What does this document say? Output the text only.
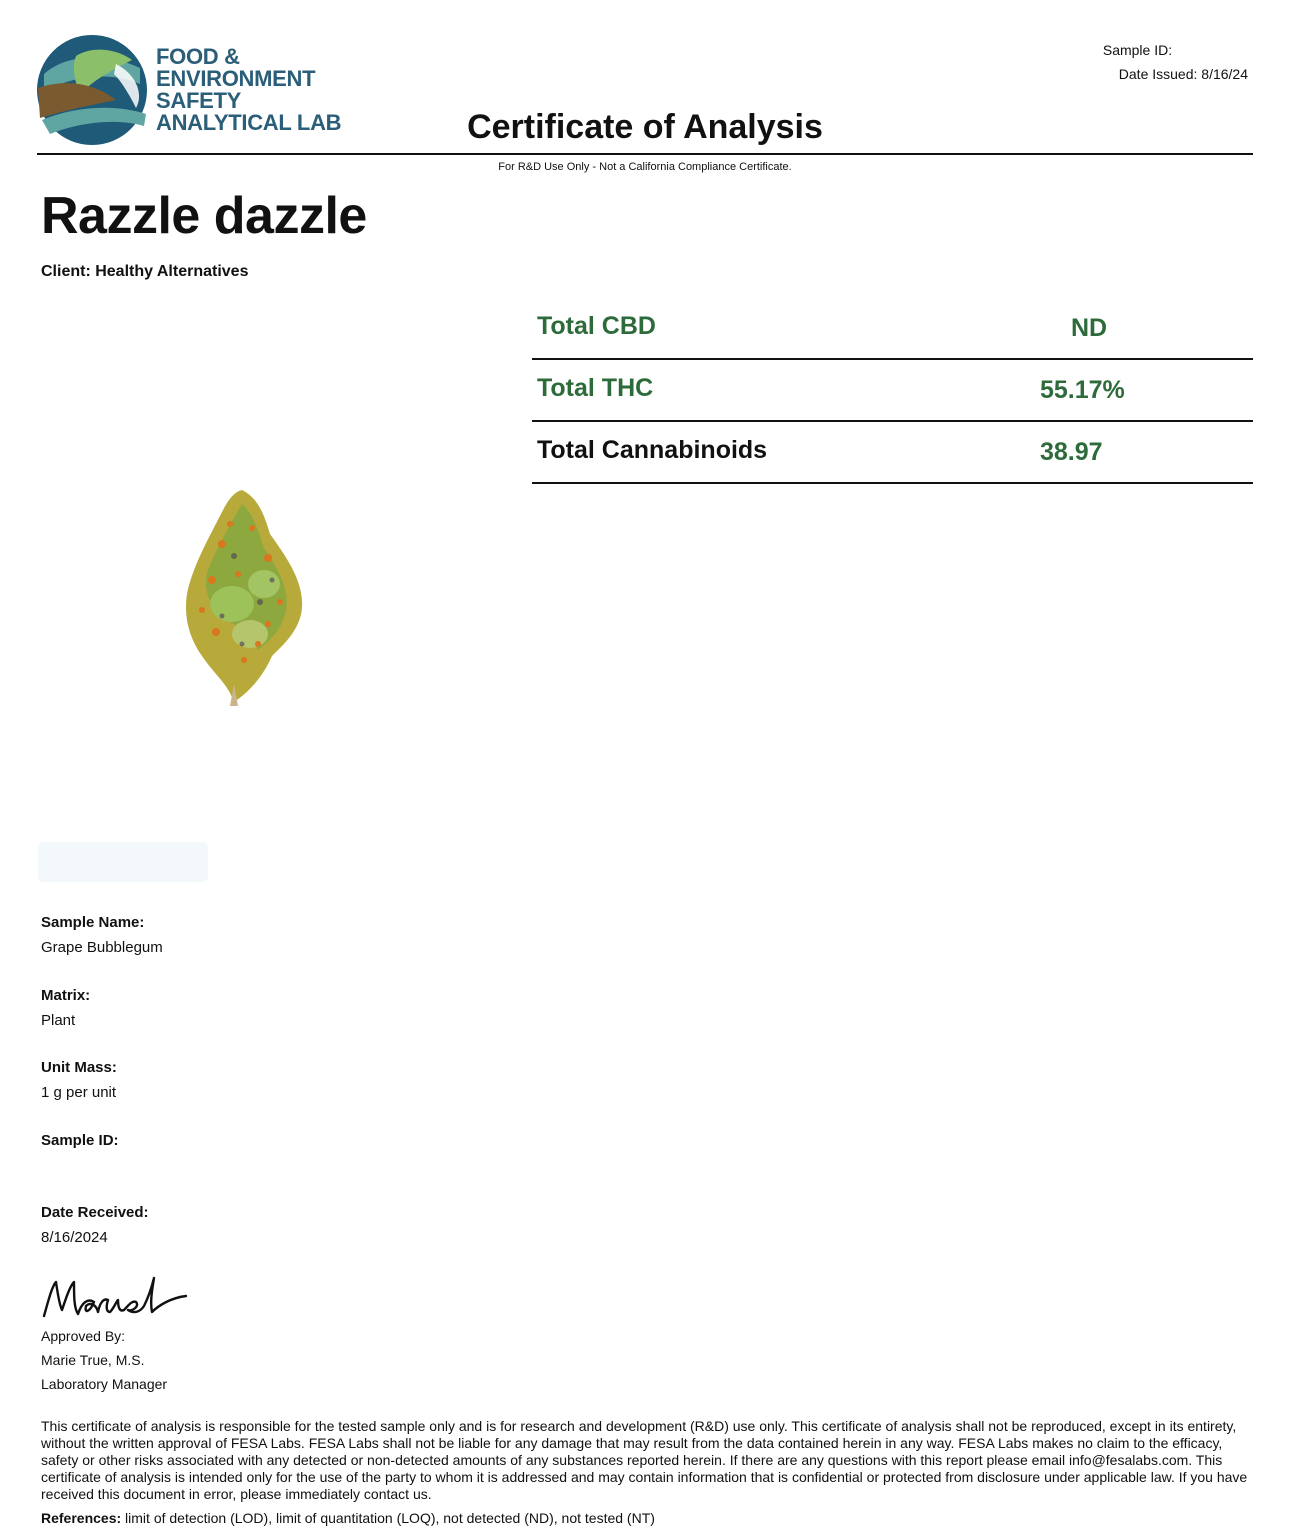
FOOD &
ENVIRONMENT
SAFETY
ANALYTICAL LAB	Certificate of Analysis
Sample ID:
Date Issued: 8/16/24
For R&D Use Only - Not a California Compliance Certificate.
Razzle dazzle
Client: Healthy Alternatives
Total CBD	ND
Total THC	55.17%
Total Cannabinoids	38.97
Sample Name:
Grape Bubblegum
Matrix:
Plant
Unit Mass:
1 g per unit
Sample ID:
Date Received:
8/16/2024
Approved By:
Marie True, M.S.
Laboratory Manager
This certificate of analysis is responsible for the tested sample only and is for research and development (R&D) use only. This certificate of analysis shall not be reproduced, except in its entirety, without the written approval of FESA Labs. FESA Labs shall not be liable for any damage that may result from the data contained herein in any way. FESA Labs makes no claim to the efficacy, safety or other risks associated with any detected or non-detected amounts of any substances reported herein. If there are any questions with this report please email info@fesalabs.com. This certificate of analysis is intended only for the use of the party to whom it is addressed and may contain information that is confidential or protected from disclosure under applicable law. If you have received this document in error, please immediately contact us.
References: limit of detection (LOD), limit of quantitation (LOQ), not detected (ND), not tested (NT)
